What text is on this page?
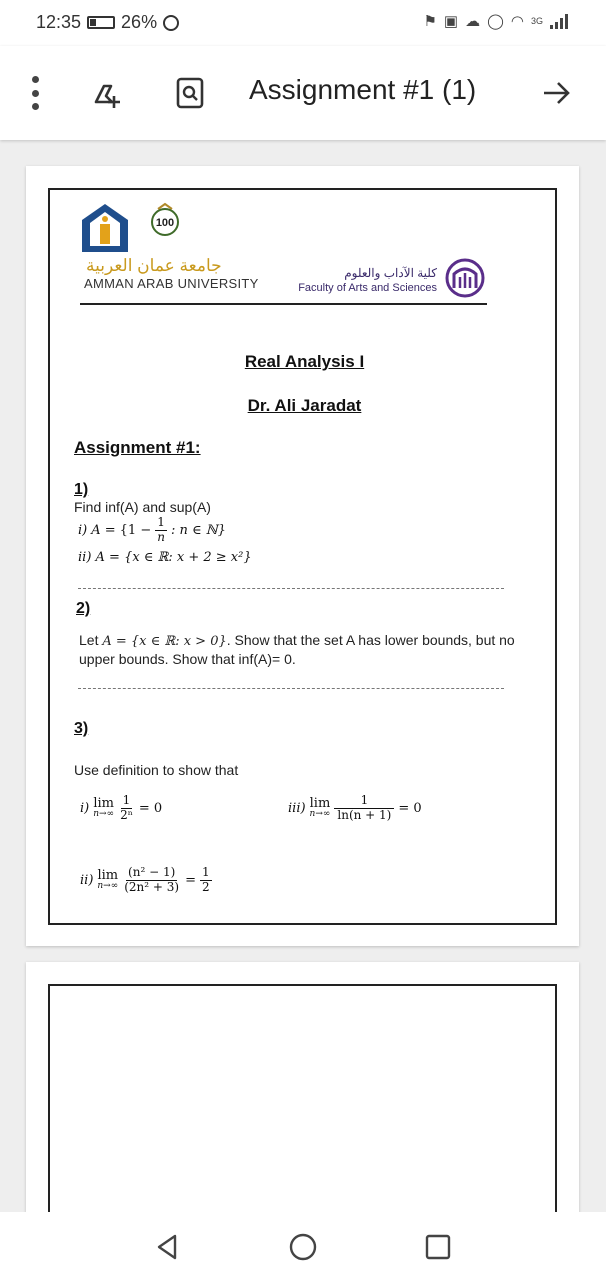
12:35 26%	⚑ ▣ ☁ ◯ ◠ 3G
Assignment #1 (1)
100
جامعة عمان العربية
AMMAN ARAB UNIVERSITY
كلية الآداب والعلوم
Faculty of Arts and Sciences
Real Analysis I
Dr. Ali Jaradat
Assignment #1:
1)
Find inf(A) and sup(A)
i) $A = \{1 - \frac{1}{n}$ : n ∈ ℕ}
ii) A = {x ∈ ℝ: x + 2 ≥ x²}
2)
Let A = {x ∈ ℝ: x > 0}. Show that the set A has lower bounds, but no
upper bounds. Show that inf(A)= 0.
3)
Use definition to show that
i) lim
$n\to\infty \frac{1}{\text{2ⁿ}} = 0$	iii) lim
$n\to\infty \frac{1}{\ln(n + 1)} = 0$
ii) lim
$n\to\infty \frac{\text{(n² − 1)}}{\text{(2n² + 3)}} = \frac{1}{2}$
